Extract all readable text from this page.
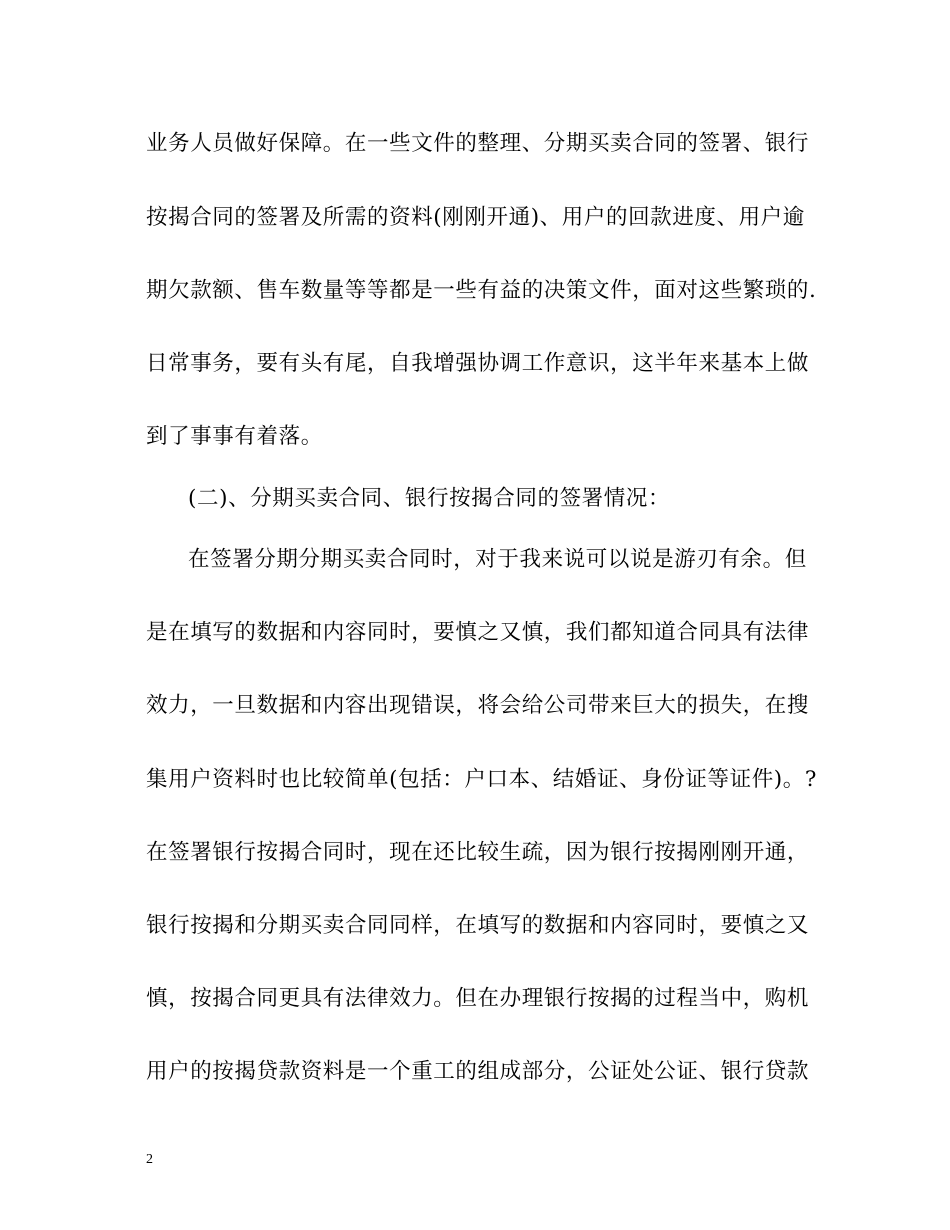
业务人员做好保障。在一些文件的整理、分期买卖合同的签署、银行
按揭合同的签署及所需的资料(刚刚开通)、用户的回款进度、用户逾
期欠款额、售车数量等等都是一些有益的决策文件，面对这些繁琐的.
日常事务，要有头有尾，自我增强协调工作意识，这半年来基本上做
到了事事有着落。
(二)、分期买卖合同、银行按揭合同的签署情况：
在签署分期分期买卖合同时，对于我来说可以说是游刃有余。但
是在填写的数据和内容同时，要慎之又慎，我们都知道合同具有法律
效力，一旦数据和内容出现错误，将会给公司带来巨大的损失，在搜
集用户资料时也比较简单(包括：户口本、结婚证、身份证等证件)。?
在签署银行按揭合同时，现在还比较生疏，因为银行按揭刚刚开通，
银行按揭和分期买卖合同同样，在填写的数据和内容同时，要慎之又
慎，按揭合同更具有法律效力。但在办理银行按揭的过程当中，购机
用户的按揭贷款资料是一个重工的组成部分，公证处公证、银行贷款
2
